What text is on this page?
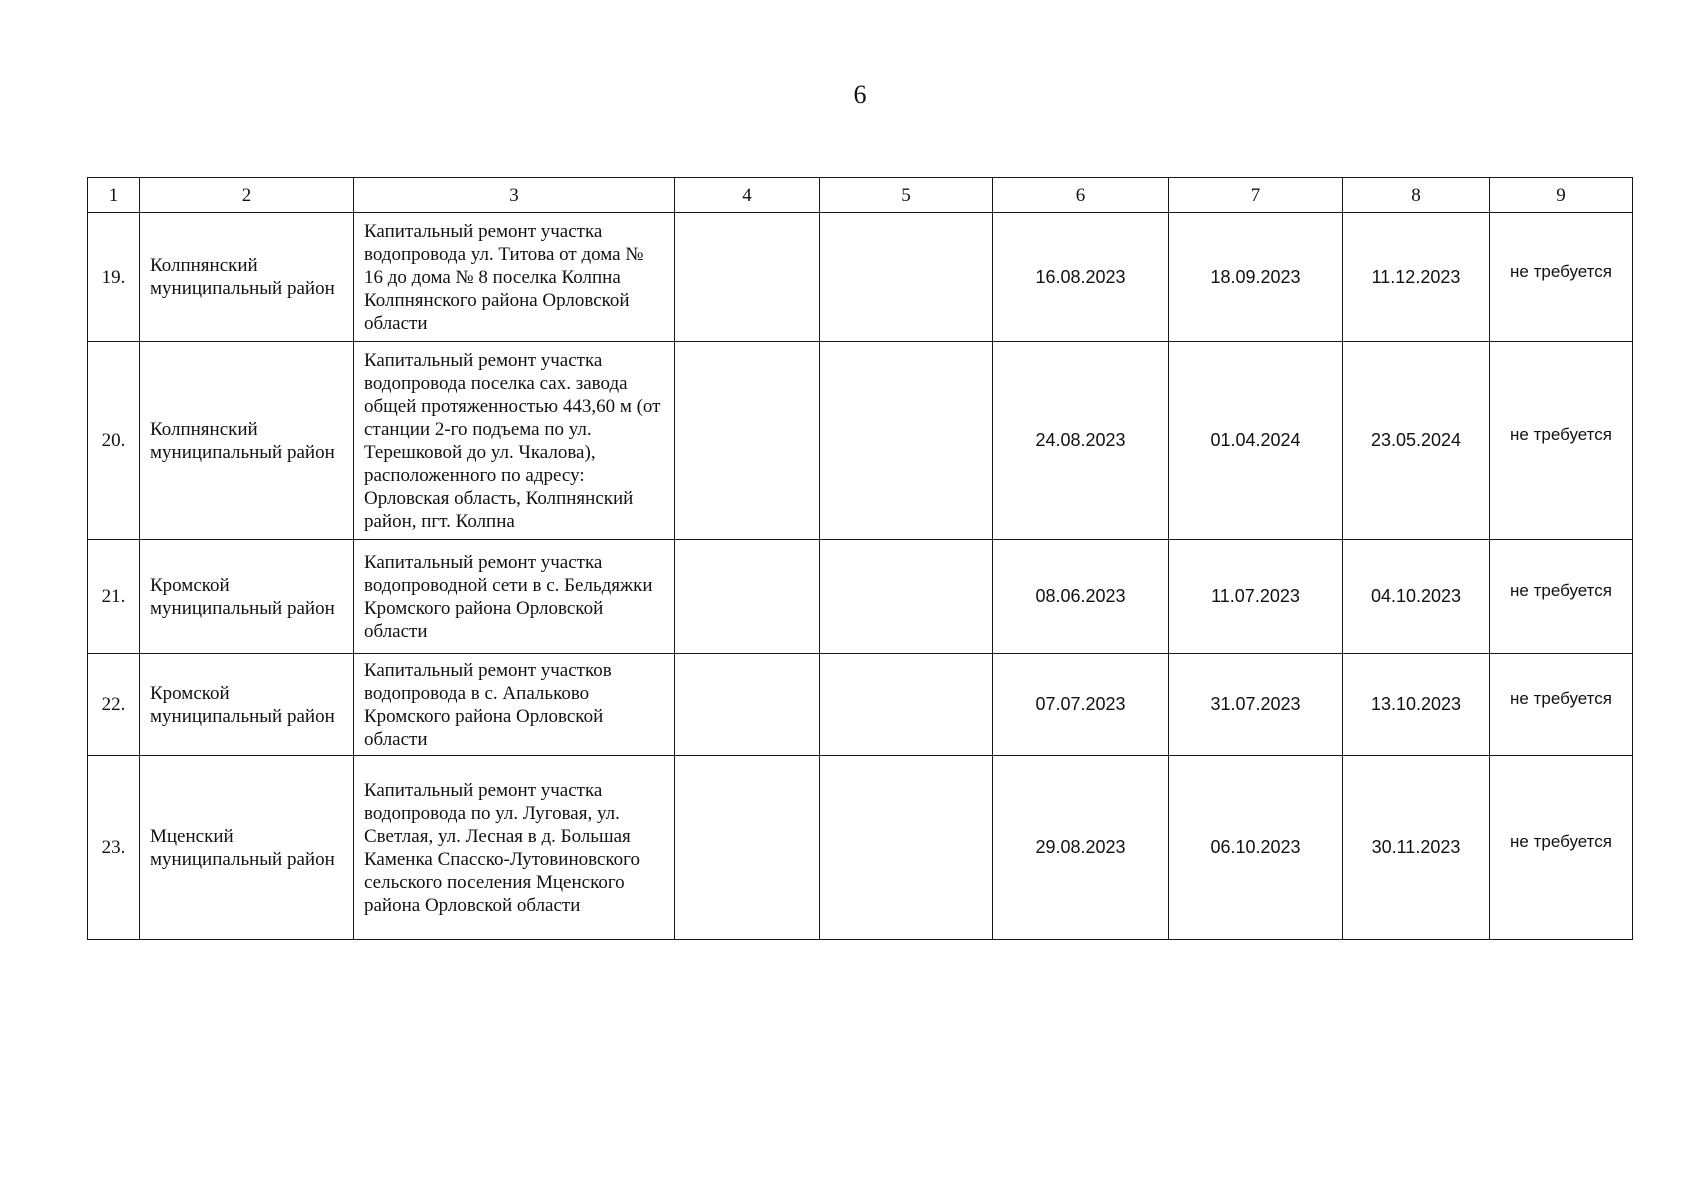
6
1	2	3	4	5	6	7	8	9
19.	Колпнянский муниципальный район	Капитальный ремонт участка водопровода ул. Титова от дома № 16 до дома № 8 поселка Колпна Колпнянского района Орловской области			16.08.2023	18.09.2023	11.12.2023	не требуется
20.	Колпнянский муниципальный район	Капитальный ремонт участка водопровода поселка сах. завода общей протяженностью 443,60 м (от станции 2-го подъема по ул. Терешковой до ул. Чкалова), расположенного по адресу: Орловская область, Колпнянский район, пгт. Колпна			24.08.2023	01.04.2024	23.05.2024	не требуется
21.	Кромской муниципальный район	Капитальный ремонт участка водопроводной сети в с. Бельдяжки Кромского района Орловской области			08.06.2023	11.07.2023	04.10.2023	не требуется
22.	Кромской муниципальный район	Капитальный ремонт участков водопровода в с. Апальково Кромского района Орловской области			07.07.2023	31.07.2023	13.10.2023	не требуется
23.	Мценский муниципальный район	Капитальный ремонт участка водопровода по ул. Луговая, ул. Светлая, ул. Лесная в д. Большая Каменка Спасско-Лутовиновского сельского поселения Мценского района Орловской области			29.08.2023	06.10.2023	30.11.2023	не требуется
